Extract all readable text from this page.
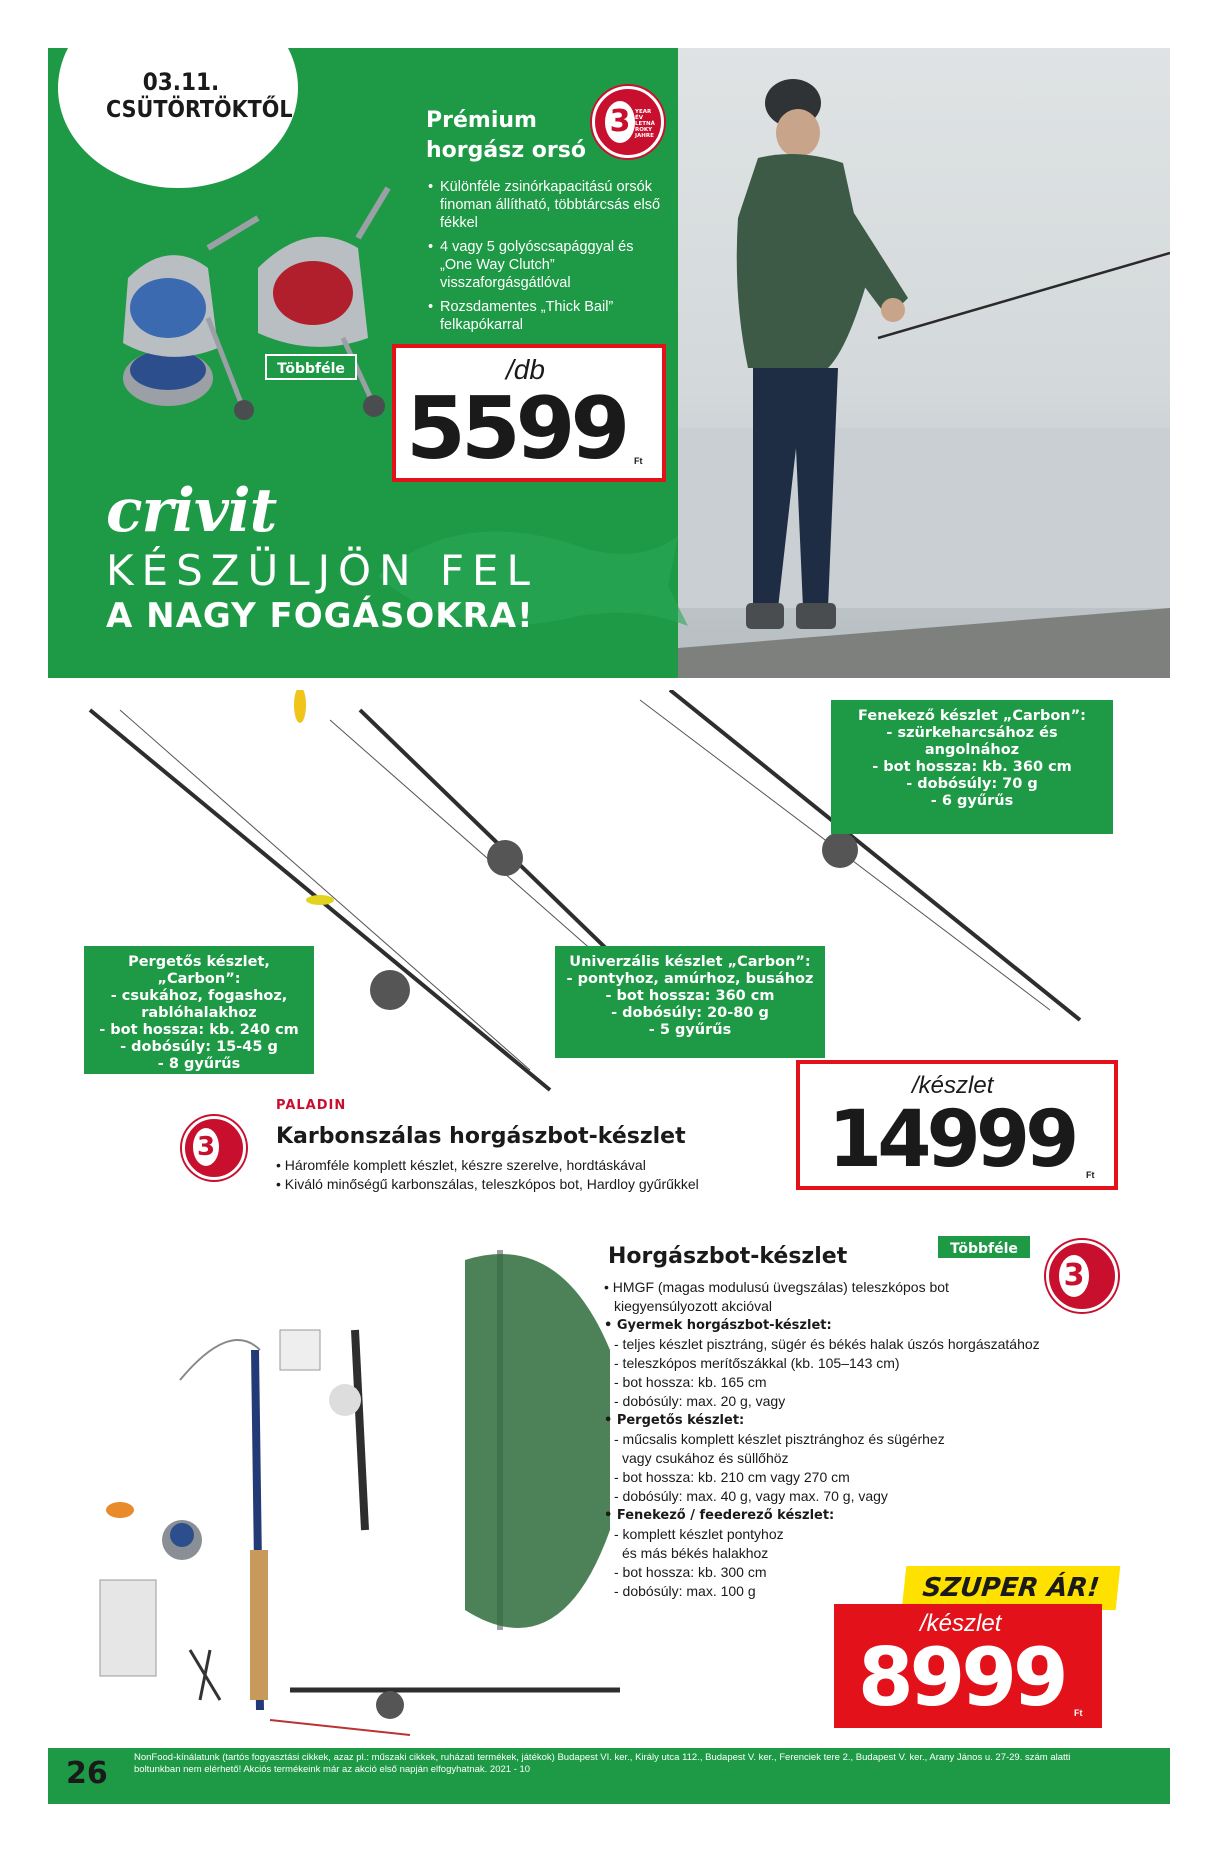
03.11.
CSÜTÖRTÖKTŐL	Prémium
horgász orsó
• Különféle zsinórkapacitású orsók finoman állítható, többtárcsás első fékkel
• 4 vagy 5 golyóscsapággyal és „One Way Clutch” visszaforgásgátlóval
• Rozsdamentes „Thick Bail” felkapókarral
3 YEAR
ÉV
LETNÁ
ROKY
JAHRE
Többféle	/db
5599 Ft
crivit
KÉSZÜLJÖN FEL
A NAGY FOGÁSOKRA!
Fenekező készlet „Carbon”:
- szürkeharcsához és angolnához
- bot hossza: kb. 360 cm
- dobósúly: 70 g
- 6 gyűrűs
Pergetős készlet, „Carbon”:
- csukához, fogashoz,
rablóhalakhoz
- bot hossza: kb. 240 cm
- dobósúly: 15-45 g
- 8 gyűrűs
Univerzális készlet „Carbon”:
- pontyhoz, amúrhoz, busához
- bot hossza: 360 cm
- dobósúly: 20-80 g
- 5 gyűrűs
PALADIN
3	Karbonszálas horgászbot-készlet
• Háromféle komplett készlet, készre szerelve, hordtáskával
• Kiváló minőségű karbonszálas, teleszkópos bot, Hardloy gyűrűkkel
/készlet
14999 Ft
Többféle
3
Horgászbot-készlet
• HMGF (magas modulusú üvegszálas) teleszkópos bot
kiegyensúlyozott akcióval
• Gyermek horgászbot-készlet:
- teljes készlet pisztráng, sügér és békés halak úszós horgászatához
- teleszkópos merítőszákkal (kb. 105–143 cm)
- bot hossza: kb. 165 cm
- dobósúly: max. 20 g, vagy
• Pergetős készlet:
- műcsalis komplett készlet pisztránghoz és sügérhez
vagy csukához és süllőhöz
- bot hossza: kb. 210 cm vagy 270 cm
- dobósúly: max. 40 g, vagy max. 70 g, vagy
• Fenekező / feederező készlet:
- komplett készlet pontyhoz
és más békés halakhoz
- bot hossza: kb. 300 cm
- dobósúly: max. 100 g	SZUPER ÁR!
/készlet
8999 Ft
26	NonFood-kínálatunk (tartós fogyasztási cikkek, azaz pl.: műszaki cikkek, ruházati termékek, játékok) Budapest VI. ker., Király utca 112., Budapest V. ker., Ferenciek tere 2., Budapest V. ker., Arany János u. 27-29. szám alatti boltunkban nem elérhető! Akciós termékeink már az akció első napján elfogyhatnak. 2021 - 10
